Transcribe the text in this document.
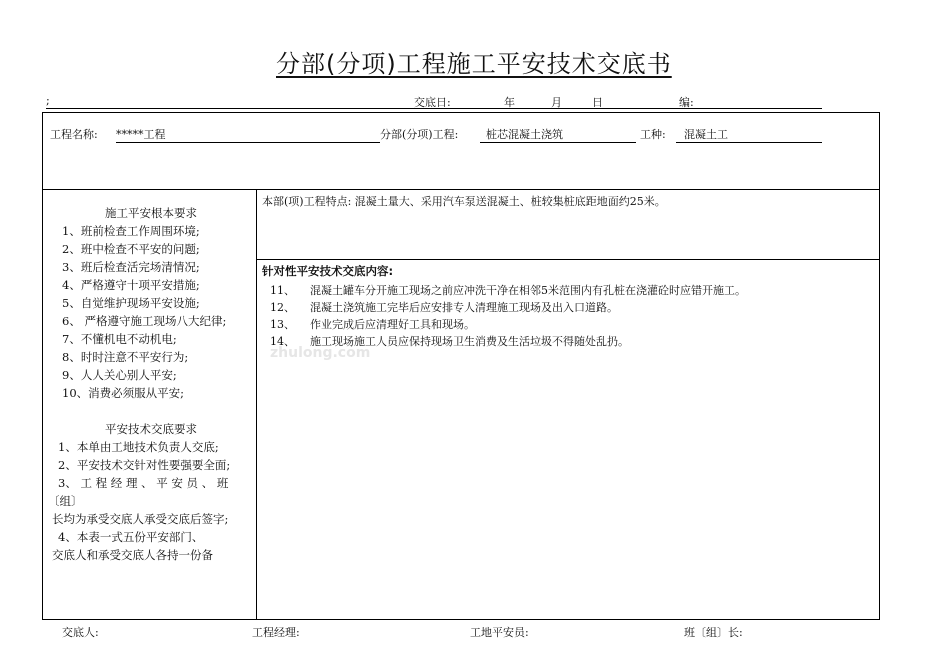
分部(分项)工程施工平安技术交底书
;	交底日:	年	月	日	编:
工程名称: *****工程	分部(分项)工程:	桩芯混凝土浇筑	工种:	混凝土工

施工平安根本要求

1、班前检查工作周围环境;

2、班中检查不平安的问题;

3、班后检查活完场清情况;

4、严格遵守十项平安措施;

5、自觉维护现场平安设施;

6、 严格遵守施工现场八大纪律;

7、不懂机电不动机电;

8、时时注意不平安行为;

9、人人关心别人平安;

10、消费必须服从平安;

平安技术交底要求

1、本单由工地技术负责人交底;

2、平安技术交针对性要强要全面;

3、 工 程 经 理 、 平 安 员 、 班〔组〕

长均为承受交底人承受交底后签字;

4、本表一式五份平安部门、

交底人和承受交底人各持一份备

本部(项)工程特点: 混凝土量大、采用汽车泵送混凝土、桩较集桩底距地面约25米。
针对性平安技术交底内容:
11、 混凝土罐车分开施工现场之前应冲洗干净在相邻5米范围内有孔桩在浇灌砼时应错开施工。
12、 混凝土浇筑施工完毕后应安排专人清理施工现场及出入口道路。
13、 作业完成后应清理好工具和现场。
14、 施工现场施工人员应保持现场卫生消费及生活垃圾不得随处乱扔。
zhulong.com
交底人:	工程经理:	工地平安员:	班〔组〕长:
